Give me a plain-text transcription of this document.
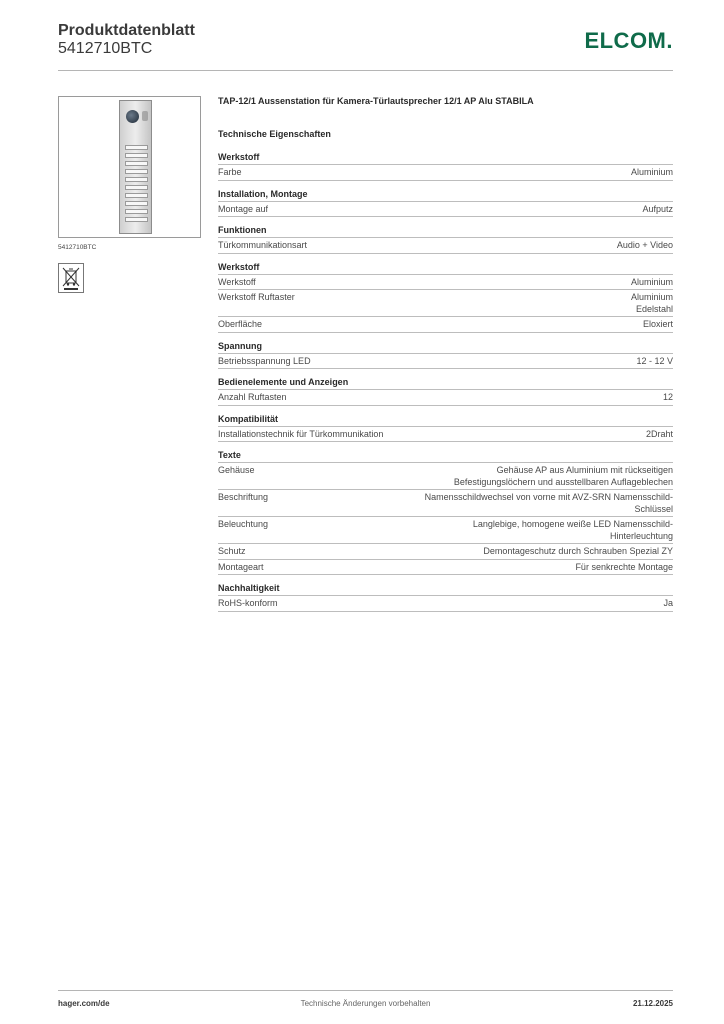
Produktdatenblatt
5412710BTC	ELCOM.
5412710BTC
TAP-12/1 Aussenstation für Kamera-Türlautsprecher 12/1 AP Alu STABILA
Technische Eigenschaften
Werkstoff
Farbe	Aluminium
Installation, Montage
Montage auf	Aufputz
Funktionen
Türkommunikationsart	Audio + Video
Werkstoff
Werkstoff	Aluminium
Werkstoff Ruftaster	Aluminium
Edelstahl
Oberfläche	Eloxiert
Spannung
Betriebsspannung LED	12 - 12 V
Bedienelemente und Anzeigen
Anzahl Ruftasten	12
Kompatibilität
Installationstechnik für Türkommunikation	2Draht
Texte
Gehäuse	Gehäuse AP aus Aluminium mit rückseitigen
Befestigungslöchern und ausstellbaren Auflageblechen
Beschriftung	Namensschildwechsel von vorne mit AVZ-SRN Namensschild-
Schlüssel
Beleuchtung	Langlebige, homogene weiße LED Namensschild-
Hinterleuchtung
Schutz	Demontageschutz durch Schrauben Spezial ZY
Montageart	Für senkrechte Montage
Nachhaltigkeit
RoHS-konform	Ja
hager.com/de	Technische Änderungen vorbehalten	21.12.2025
